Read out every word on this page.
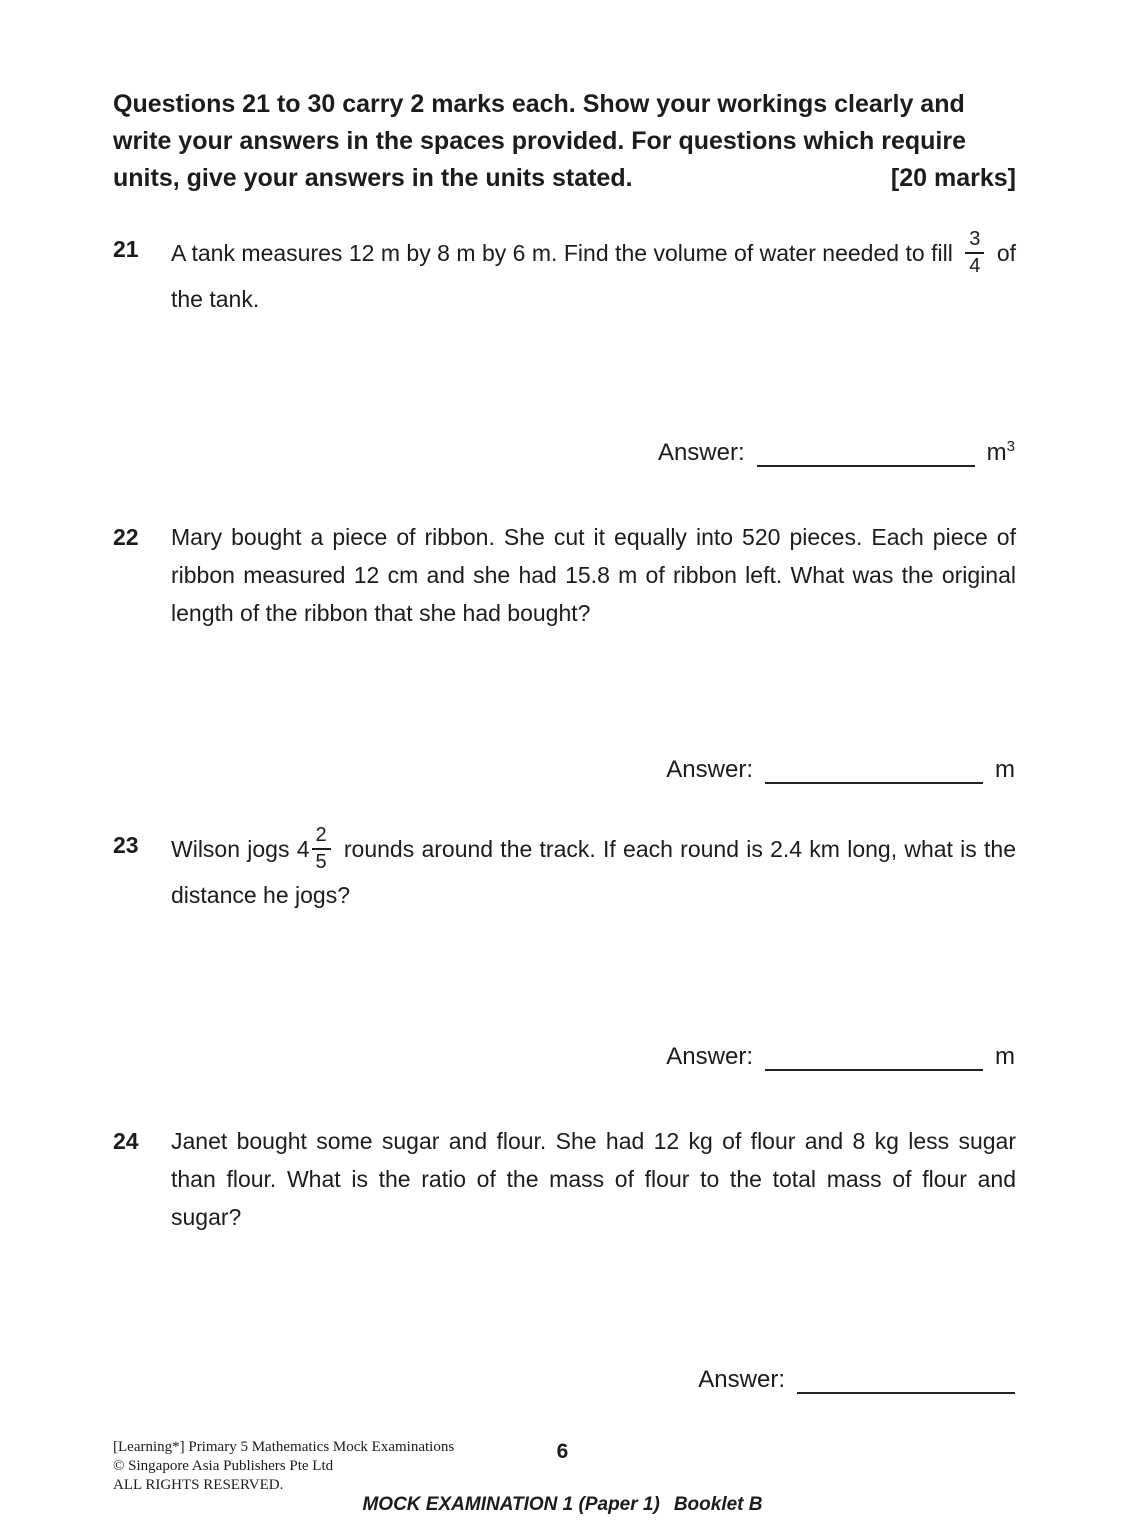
Questions 21 to 30 carry 2 marks each. Show your workings clearly and write your answers in the spaces provided. For questions which require units, give your answers in the units stated.	[20 marks]
21 A tank measures 12 m by 8 m by 6 m. Find the volume of water needed to fill $\frac{3}{4}$ of the tank.
Answer:	$m^3$
22 Mary bought a piece of ribbon. She cut it equally into 520 pieces. Each piece of ribbon measured 12 cm and she had 15.8 m of ribbon left. What was the original length of the ribbon that she had bought?
Answer:	m
23 Wilson jogs $4 \frac{2}{5}$ rounds around the track. If each round is 2.4 km long, what is the distance he jogs?
Answer:	m
24 Janet bought some sugar and flour. She had 12 kg of flour and 8 kg less sugar than flour. What is the ratio of the mass of flour to the total mass of flour and sugar?
Answer:
[Learning*] Primary 5 Mathematics Mock Examinations
© Singapore Asia Publishers Pte Ltd
ALL RIGHTS RESERVED.
6
MOCK EXAMINATION 1 (Paper 1) Booklet B
